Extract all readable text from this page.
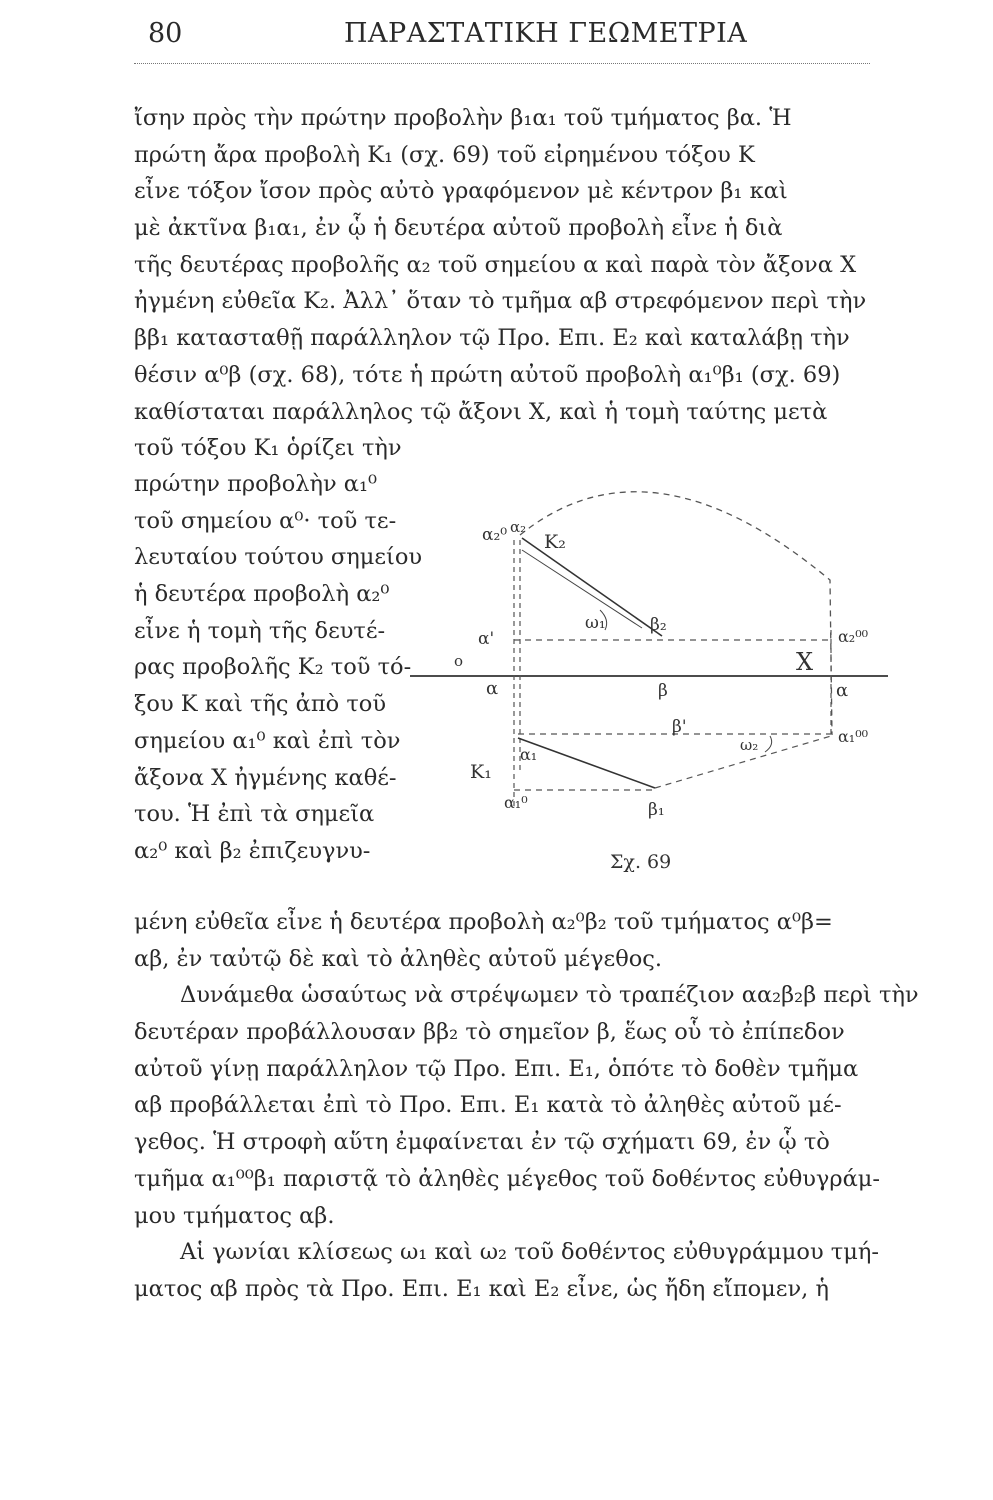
80	ΠΑΡΑΣΤΑΤΙΚΗ ΓΕΩΜΕΤΡΙΑ
ἴσην πρὸς τὴν πρώτην προβολὴν β₁α₁ τοῦ τμήματος βα. Ἡ
πρώτη ἄρα προβολὴ Κ₁ (σχ. 69) τοῦ εἰρημένου τόξου Κ
εἶνε τόξον ἴσον πρὸς αὐτὸ γραφόμενον μὲ κέντρον β₁ καὶ
μὲ ἀκτῖνα β₁α₁, ἐν ᾧ ἡ δευτέρα αὐτοῦ προβολὴ εἶνε ἡ διὰ
τῆς δευτέρας προβολῆς α₂ τοῦ σημείου α καὶ παρὰ τὸν ἄξονα Χ
ἠγμένη εὐθεῖα Κ₂. Ἀλλ᾽ ὅταν τὸ τμῆμα αβ στρεφόμενον περὶ τὴν
ββ₁ κατασταθῇ παράλληλον τῷ Προ. Επι. Ε₂ καὶ καταλάβῃ τὴν
θέσιν α⁰β (σχ. 68), τότε ἡ πρώτη αὐτοῦ προβολὴ α₁⁰β₁ (σχ. 69)
καθίσταται παράλληλος τῷ ἄξονι Χ, καὶ ἡ τομὴ ταύτης μετὰ
τοῦ τόξου Κ₁ ὁρίζει τὴν
πρώτην προβολὴν α₁⁰
τοῦ σημείου α⁰· τοῦ τε-
λευταίου τούτου σημείου
ἡ δευτέρα προβολὴ α₂⁰
εἶνε ἡ τομὴ τῆς δευτέ-
ρας προβολῆς Κ₂ τοῦ τό-
ξου Κ καὶ τῆς ἀπὸ τοῦ
σημείου α₁⁰ καὶ ἐπὶ τὸν
ἄξονα Χ ἠγμένης καθέ-
του. Ἡ ἐπὶ τὰ σημεῖα
α₂⁰ καὶ β₂ ἐπιζευγνυ-
α₂⁰ α₂
Κ₂
ω₁	β₂
α'
ο	Χ
α₂⁰⁰
α	β	α
β'
ω₂	α₁⁰⁰
α₁
Κ₁
α₁⁰	β₁
Σχ. 69
μένη εὐθεῖα εἶνε ἡ δευτέρα προβολὴ α₂⁰β₂ τοῦ τμήματος α⁰β=
αβ, ἐν ταὐτῷ δὲ καὶ τὸ ἀληθὲς αὐτοῦ μέγεθος.
Δυνάμεθα ὡσαύτως νὰ στρέψωμεν τὸ τραπέζιον αα₂β₂β περὶ τὴν
δευτέραν προβάλλουσαν ββ₂ τὸ σημεῖον β, ἕως οὗ τὸ ἐπίπεδον
αὐτοῦ γίνῃ παράλληλον τῷ Προ. Επι. Ε₁, ὁπότε τὸ δοθὲν τμῆμα
αβ προβάλλεται ἐπὶ τὸ Προ. Επι. Ε₁ κατὰ τὸ ἀληθὲς αὐτοῦ μέ-
γεθος. Ἡ στροφὴ αὕτη ἐμφαίνεται ἐν τῷ σχήματι 69, ἐν ᾧ τὸ
τμῆμα α₁⁰⁰β₁ παριστᾷ τὸ ἀληθὲς μέγεθος τοῦ δοθέντος εὐθυγράμ-
μου τμήματος αβ.
Αἱ γωνίαι κλίσεως ω₁ καὶ ω₂ τοῦ δοθέντος εὐθυγράμμου τμή-
ματος αβ πρὸς τὰ Προ. Επι. Ε₁ καὶ Ε₂ εἶνε, ὡς ἤδη εἴπομεν, ἡ
